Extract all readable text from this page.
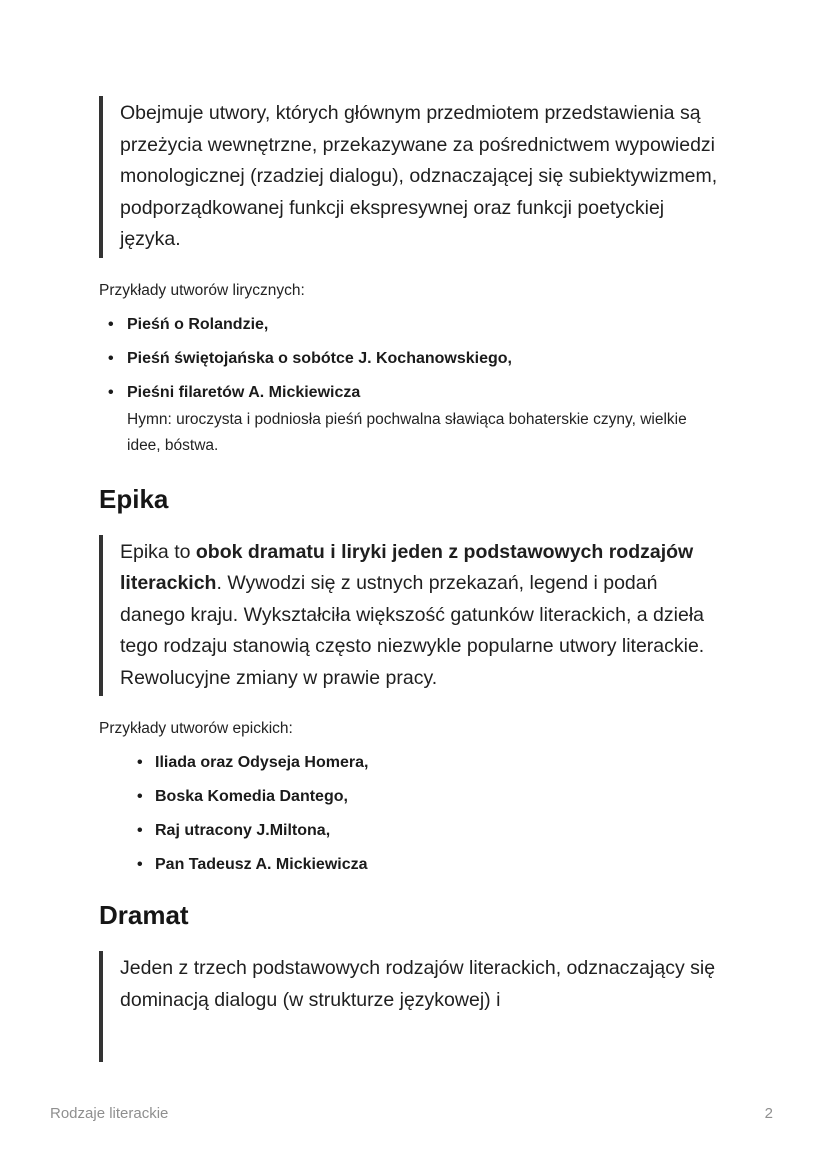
Obejmuje utwory, których głównym przedmiotem przedstawienia są przeżycia wewnętrzne, przekazywane za pośrednictwem wypowiedzi monologicznej (rzadziej dialogu), odznaczającej się subiektywizmem, podporządkowanej funkcji ekspresywnej oraz funkcji poetyckiej języka.

Przykłady utworów lirycznych:

• Pieśń o Rolandzie,
• Pieśń świętojańska o sobótce J. Kochanowskiego,
• Pieśni filaretów A. Mickiewicza
Hymn: uroczysta i podniosła pieśń pochwalna sławiąca bohaterskie czyny, wielkie idee, bóstwa.
Epika

Epika to obok dramatu i liryki jeden z podstawowych rodzajów literackich. Wywodzi się z ustnych przekazań, legend i podań danego kraju. Wykształciła większość gatunków literackich, a dzieła tego rodzaju stanowią często niezwykle popularne utwory literackie. Rewolucyjne zmiany w prawie pracy.

Przykłady utworów epickich:

• Iliada oraz Odyseja Homera,
• Boska Komedia Dantego,
• Raj utracony J.Miltona,
• Pan Tadeusz A. Mickiewicza
Dramat

Jeden z trzech podstawowych rodzajów literackich, odznaczający się dominacją dialogu (w strukturze językowej) i

Rodzaje literackie	2
